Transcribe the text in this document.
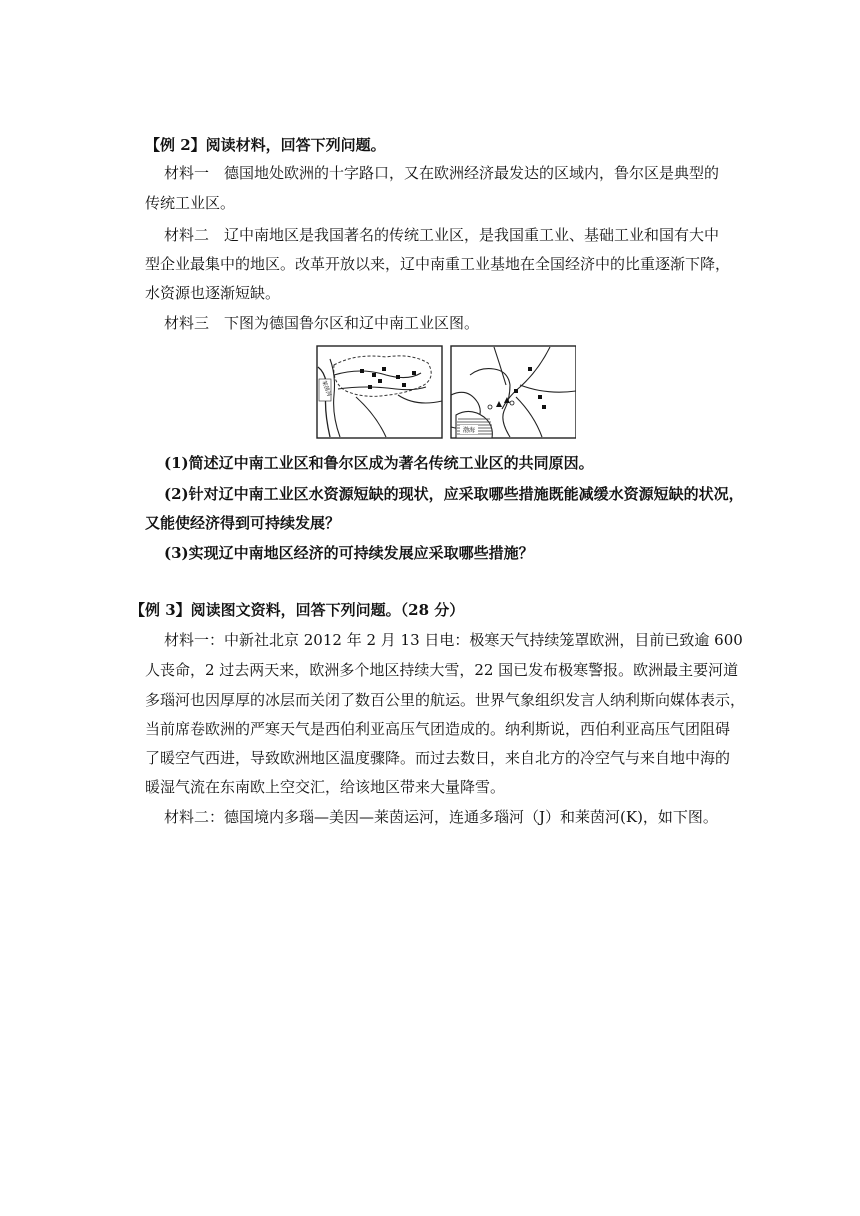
【例 2】阅读材料，回答下列问题。
材料一　德国地处欧洲的十字路口，又在欧洲经济最发达的区域内，鲁尔区是典型的
传统工业区。
材料二　辽中南地区是我国著名的传统工业区，是我国重工业、基础工业和国有大中
型企业最集中的地区。改革开放以来，辽中南重工业基地在全国经济中的比重逐渐下降，
水资源也逐渐短缺。
材料三　下图为德国鲁尔区和辽中南工业区图。
莱茵河
渤海
(1)简述辽中南工业区和鲁尔区成为著名传统工业区的共同原因。
(2)针对辽中南工业区水资源短缺的现状，应采取哪些措施既能减缓水资源短缺的状况，
又能使经济得到可持续发展？
(3)实现辽中南地区经济的可持续发展应采取哪些措施？
【例 3】阅读图文资料，回答下列问题。（28 分）
材料一：中新社北京 2012 年 2 月 13 日电：极寒天气持续笼罩欧洲，目前已致逾 600
人丧命，2 过去两天来，欧洲多个地区持续大雪，22 国已发布极寒警报。欧洲最主要河道
多瑙河也因厚厚的冰层而关闭了数百公里的航运。世界气象组织发言人纳利斯向媒体表示，
当前席卷欧洲的严寒天气是西伯利亚高压气团造成的。纳利斯说，西伯利亚高压气团阻碍
了暖空气西进，导致欧洲地区温度骤降。而过去数日，来自北方的冷空气与来自地中海的
暖湿气流在东南欧上空交汇，给该地区带来大量降雪。
材料二：德国境内多瑙—美因—莱茵运河，连通多瑙河（J）和莱茵河(K)，如下图。
